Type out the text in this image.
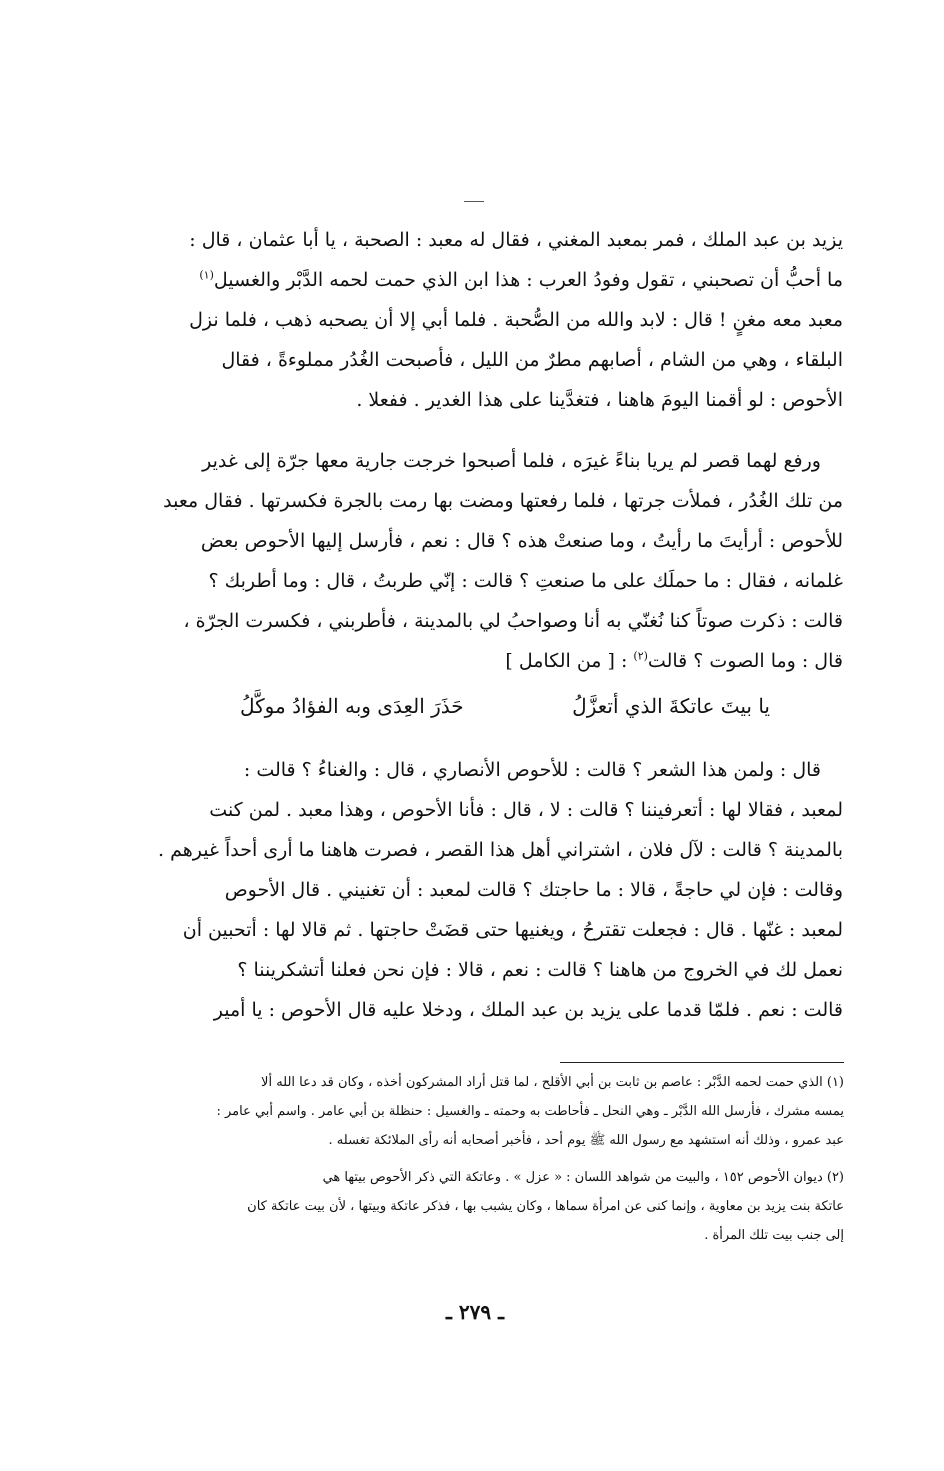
يزيد بن عبد الملك ، فمر بمعبد المغني ، فقال له معبد : الصحبة ، يا أبا عثمان ، قال :
ما أحبُّ أن تصحبني ، تقول وفودُ العرب : هذا ابن الذي حمت لحمه الدَّبْر والغسيل$^{(١)}$
معبد معه مغنٍ ! قال : لابد والله من الصُّحبة . فلما أبي إلا أن يصحبه ذهب ، فلما نزل
البلقاء ، وهي من الشام ، أصابهم مطرٌ من الليل ، فأصبحت الغُدُر مملوءةً ، فقال
الأحوص : لو أقمنا اليومَ هاهنا ، فتغدَّينا على هذا الغدير . ففعلا .
ورفع لهما قصر لم يريا بناءً غيرَه ، فلما أصبحوا خرجت جارية معها جرّة إلى غدير
من تلك الغُدُر ، فملأت جرتها ، فلما رفعتها ومضت بها رمت بالجرة فكسرتها . فقال معبد
للأحوص : أرأيتَ ما رأيتُ ، وما صنعتْ هذه ؟ قال : نعم ، فأرسل إليها الأحوص بعض
غلمانه ، فقال : ما حملَك على ما صنعتِ ؟ قالت : إنّي طربتُ ، قال : وما أطربك ؟
قالت : ذكرت صوتاً كنا نُغنّي به أنا وصواحبُ لي بالمدينة ، فأطربني ، فكسرت الجرّة ،
قال : وما الصوت ؟ قالت$^{(٢)}$ : [ من الكامل ]
يا بيتَ عاتكةَ الذي أتعزَّلُ
حَذَرَ العِدَى وبه الفؤادُ موكَّلُ
قال : ولمن هذا الشعر ؟ قالت : للأحوص الأنصاري ، قال : والغناءُ ؟ قالت :
لمعبد ، فقالا لها : أتعرفيننا ؟ قالت : لا ، قال : فأنا الأحوص ، وهذا معبد . لمن كنت
بالمدينة ؟ قالت : لآل فلان ، اشتراني أهل هذا القصر ، فصرت هاهنا ما أرى أحداً غيرهم .
وقالت : فإن لي حاجةً ، قالا : ما حاجتك ؟ قالت لمعبد : أن تغنيني . قال الأحوص
لمعبد : غنّها . قال : فجعلت تقترحُ ، ويغنيها حتى قضَتْ حاجتها . ثم قالا لها : أتحبين أن
نعمل لك في الخروج من هاهنا ؟ قالت : نعم ، قالا : فإن نحن فعلنا أتشكريننا ؟
قالت : نعم . فلمّا قدما على يزيد بن عبد الملك ، ودخلا عليه قال الأحوص : يا أمير
(١) الذي حمت لحمه الدَّبْر : عاصم بن ثابت بن أبي الأقلح ، لما قتل أراد المشركون أخذه ، وكان قد دعا الله ألا
يمسه مشرك ، فأرسل الله الدَّبْر ـ وهي النحل ـ فأحاطت به وحمته ـ والغسيل : حنظلة بن أبي عامر . واسم أبي عامر :
عبد عمرو ، وذلك أنه استشهد مع رسول الله ﷺ يوم أحد ، فأخبر أصحابه أنه رأى الملائكة تغسله .
(٢) ديوان الأحوص ١٥٢ ، والبيت من شواهد اللسان : « عزل » . وعاتكة التي ذكر الأحوص بيتها هي
عاتكة بنت يزيد بن معاوية ، وإنما كنى عن امرأة سماها ، وكان يشبب بها ، فذكر عاتكة وبيتها ، لأن بيت عاتكة كان
إلى جنب بيت تلك المرأة .
ـ ٢٧٩ ـ
